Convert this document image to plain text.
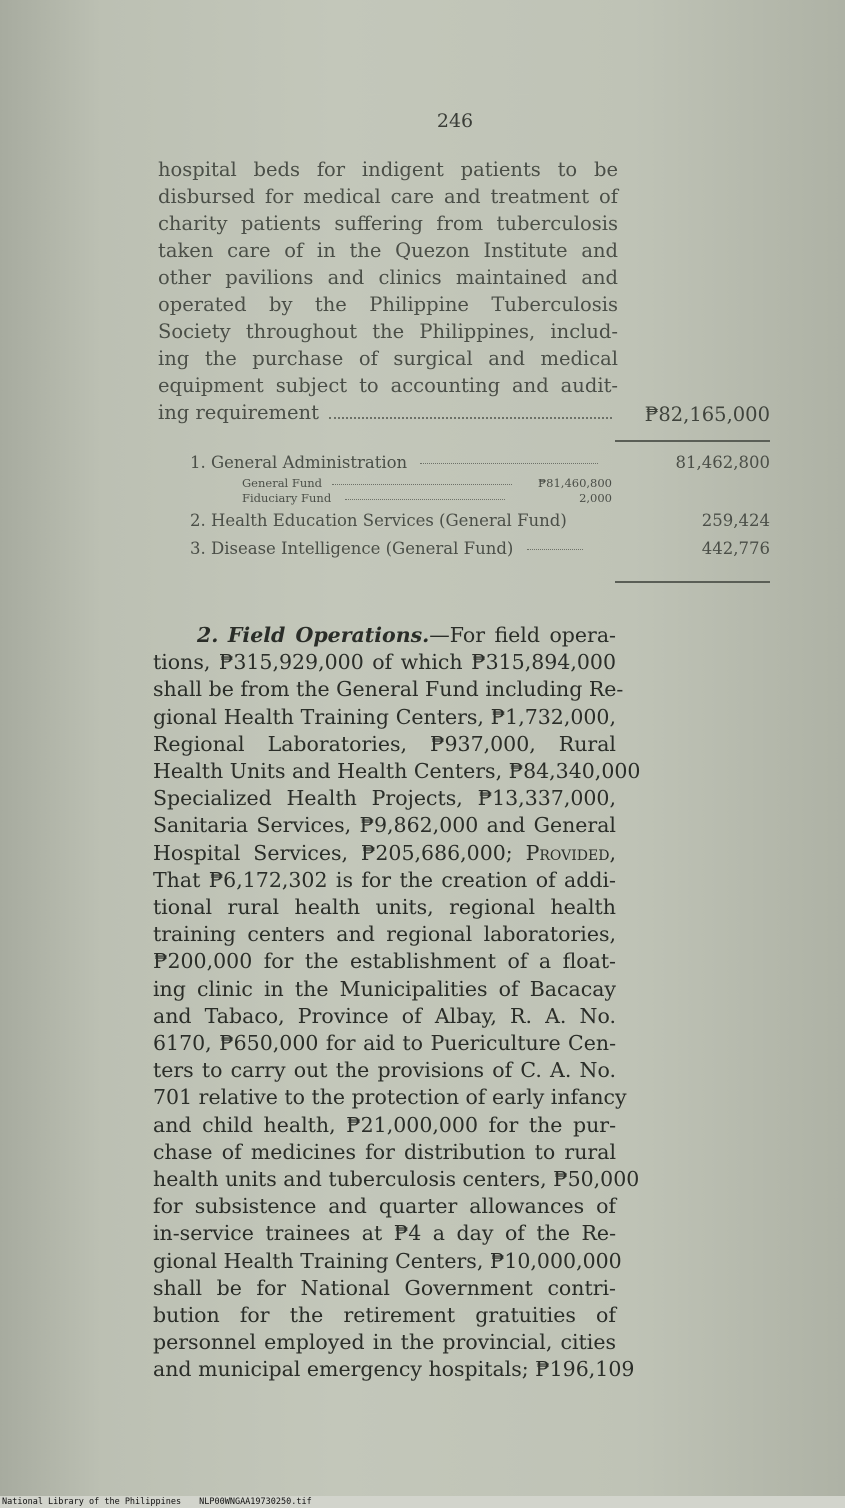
246
hospital beds for indigent patients to be
disbursed for medical care and treatment of
charity patients suffering from tuberculosis
taken care of in the Quezon Institute and
other pavilions and clinics maintained and
operated by the Philippine Tuberculosis
Society throughout the Philippines, includ-
ing the purchase of surgical and medical
equipment subject to accounting and audit-
ing requirement	₱82,165,000
1. General Administration	81,462,800
General Fund	₱81,460,800
Fiduciary Fund	2,000
2. Health Education Services (General Fund)	259,424
3. Disease Intelligence (General Fund)	442,776
2. Field Operations.—For field opera-
tions, ₱315,929,000 of which ₱315,894,000
shall be from the General Fund including Re-
gional Health Training Centers, ₱1,732,000,
Regional Laboratories, ₱937,000, Rural
Health Units and Health Centers, ₱84,340,000
Specialized Health Projects, ₱13,337,000,
Sanitaria Services, ₱9,862,000 and General
Hospital Services, ₱205,686,000; Provided,
That ₱6,172,302 is for the creation of addi-
tional rural health units, regional health
training centers and regional laboratories,
₱200,000 for the establishment of a float-
ing clinic in the Municipalities of Bacacay
and Tabaco, Province of Albay, R. A. No.
6170, ₱650,000 for aid to Puericulture Cen-
ters to carry out the provisions of C. A. No.
701 relative to the protection of early infancy
and child health, ₱21,000,000 for the pur-
chase of medicines for distribution to rural
health units and tuberculosis centers, ₱50,000
for subsistence and quarter allowances of
in-service trainees at ₱4 a day of the Re-
gional Health Training Centers, ₱10,000,000
shall be for National Government contri-
bution for the retirement gratuities of
personnel employed in the provincial, cities
and municipal emergency hospitals; ₱196,109
National Library of the Philippines NLP00WNGAA19730250.tif
